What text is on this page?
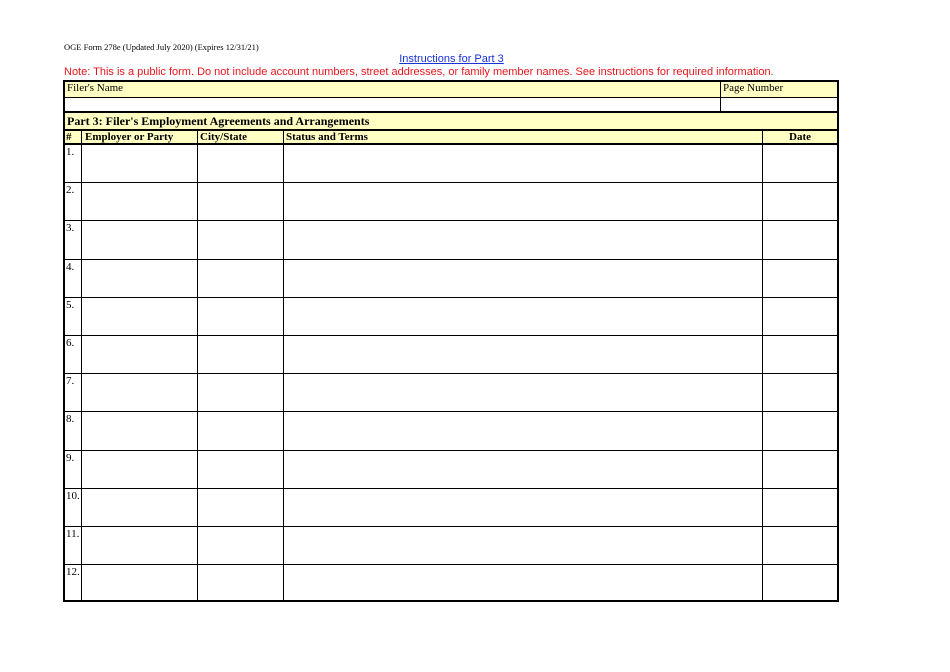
OGE Form 278e (Updated July 2020) (Expires 12/31/21)
Instructions for Part 3
Note: This is a public form. Do not include account numbers, street addresses, or family member names. See instructions for required information.
Filer's Name	Page Number
Part 3: Filer's Employment Agreements and Arrangements
#	Employer or Party	City/State	Status and Terms	Date
1.
2.
3.
4.
5.
6.
7.
8.
9.
10.
11.
12.
